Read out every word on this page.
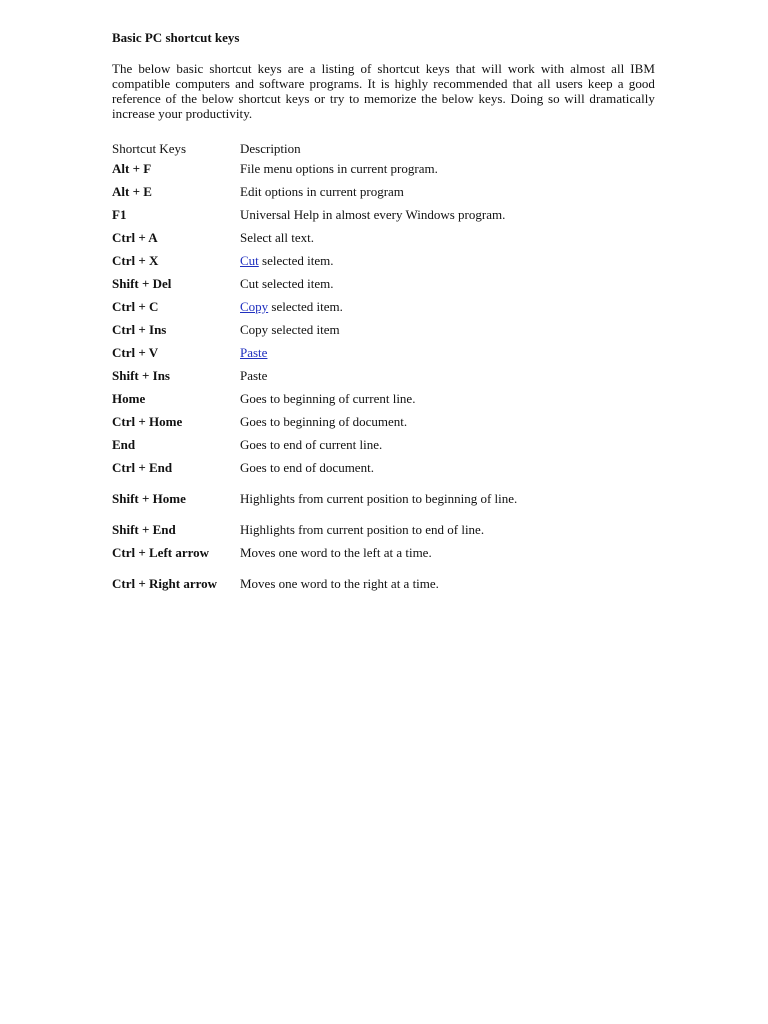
Basic PC shortcut keys
The below basic shortcut keys are a listing of shortcut keys that will work with almost all IBM compatible computers and software programs. It is highly recommended that all users keep a good reference of the below shortcut keys or try to memorize the below keys. Doing so will dramatically increase your productivity.
Shortcut Keys	Description
Alt + F	File menu options in current program.
Alt + E	Edit options in current program
F1	Universal Help in almost every Windows program.
Ctrl + A	Select all text.
Ctrl + X	Cut selected item.
Shift + Del	Cut selected item.
Ctrl + C	Copy selected item.
Ctrl + Ins	Copy selected item
Ctrl + V	Paste
Shift + Ins	Paste
Home	Goes to beginning of current line.
Ctrl + Home	Goes to beginning of document.
End	Goes to end of current line.
Ctrl + End	Goes to end of document.
Shift + Home	Highlights from current position to beginning of line.
Shift + End	Highlights from current position to end of line.
Ctrl + Left arrow	Moves one word to the left at a time.
Ctrl + Right arrow	Moves one word to the right at a time.
